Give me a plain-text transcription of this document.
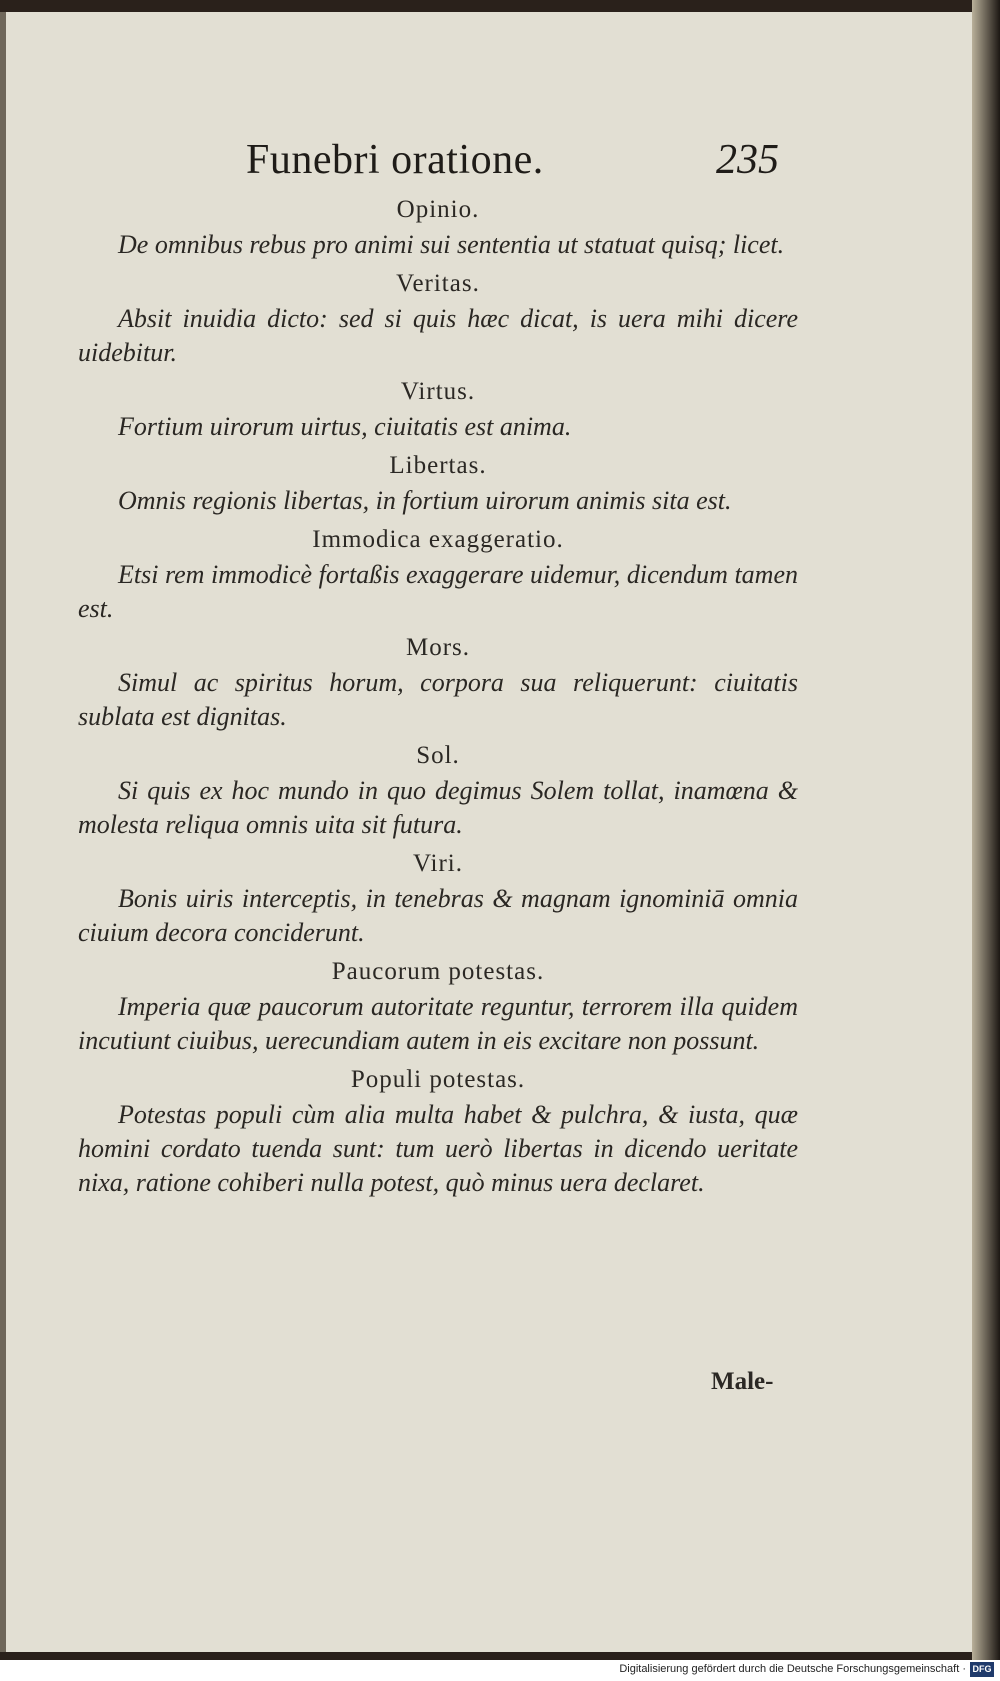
Funebri oratione.	235
Opinio.

De omnibus rebus pro animi sui sententia ut statuat quisq; licet.

Veritas.

Absit inuidia dicto: sed si quis hæc dicat, is uera mihi dicere uidebitur.

Virtus.

Fortium uirorum uirtus, ciuitatis est anima.

Libertas.

Omnis regionis libertas, in fortium uirorum animis sita est.

Immodica exaggeratio.

Etsi rem immodicè fortaßis exaggerare uidemur, dicendum tamen est.

Mors.

Simul ac spiritus horum, corpora sua reliquerunt: ciuitatis sublata est dignitas.

Sol.

Si quis ex hoc mundo in quo degimus Solem tollat, inamœna & molesta reliqua omnis uita sit futura.

Viri.

Bonis uiris interceptis, in tenebras & magnam ignominiā omnia ciuium decora conciderunt.

Paucorum potestas.

Imperia quæ paucorum autoritate reguntur, terrorem illa quidem incutiunt ciuibus, uerecundiam autem in eis excitare non possunt.

Populi potestas.

Potestas populi cùm alia multa habet & pulchra, & iusta, quæ homini cordato tuenda sunt: tum uerò libertas in dicendo ueritate nixa, ratione cohiberi nulla potest, quò minus uera declaret.

Male-
Digitalisierung gefördert durch die Deutsche Forschungsgemeinschaft · DFG
